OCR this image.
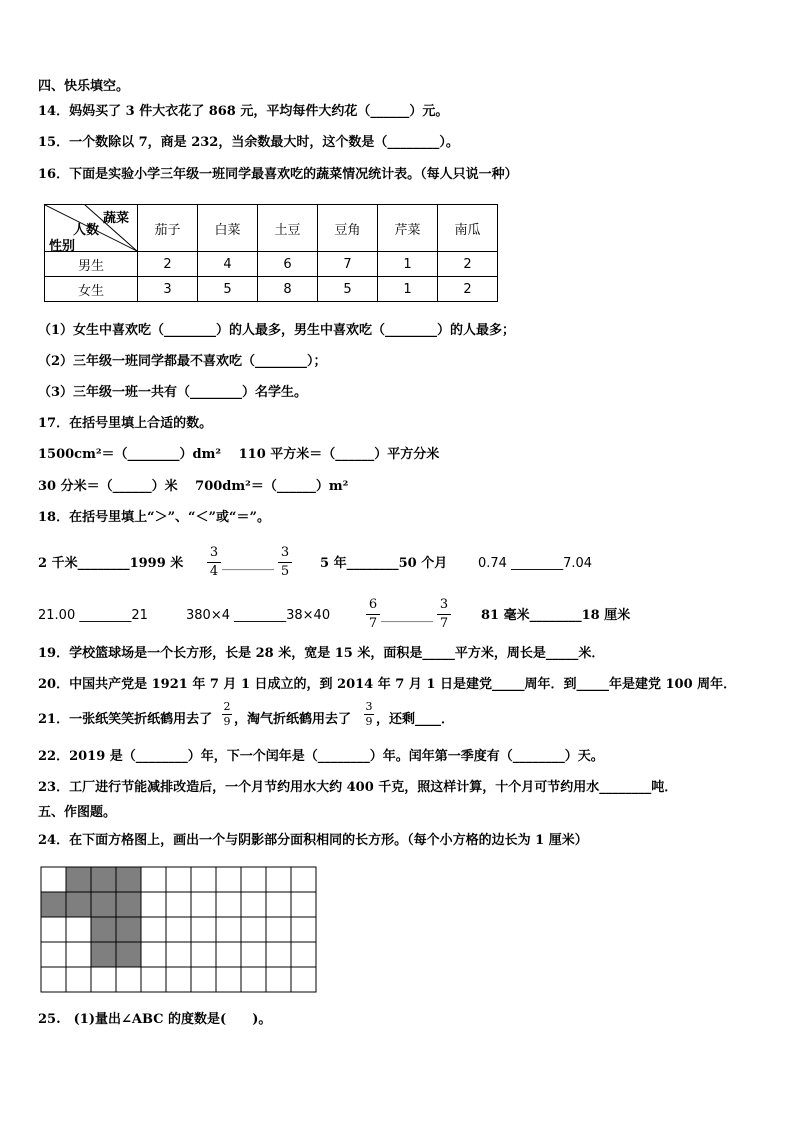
四、快乐填空。
14．妈妈买了 3 件大衣花了 868 元，平均每件大约花（______）元。
15．一个数除以 7，商是 232，当余数最大时，这个数是（________）。
16．下面是实验小学三年级一班同学最喜欢吃的蔬菜情况统计表。（每人只说一种）
蔬菜
人数
性别	茄子	白菜	土豆	豆角	芹菜	南瓜
男生	2	4	6	7	1	2
女生	3	5	8	5	1	2
（1）女生中喜欢吃（________）的人最多，男生中喜欢吃（________）的人最多；
（2）三年级一班同学都最不喜欢吃（________）；
（3）三年级一班一共有（________）名学生。
17．在括号里填上合适的数。
1500cm²＝（________）dm²　 110 平方米＝（______）平方分米
30 分米＝（______）米　 700dm²＝（______）m²
18．在括号里填上“＞”、“＜”或“＝”。
2 千米________1999 米
3
4
________
3
5
5 年________50 个月 0.74 ________7.04
21.00 ________21	380×4 ________38×40
6
7
________
3
7
81 毫米________18 厘米
19．学校篮球场是一个长方形，长是 28 米，宽是 15 米，面积是_____平方米，周长是_____米．
20．中国共产党是 1921 年 7 月 1 日成立的，到 2014 年 7 月 1 日是建党_____周年．到_____年是建党 100 周年．
21．一张纸笑笑折纸鹤用去了
2
9 ，淘气折纸鹤用去了
3
9 ，还剩____．
22．2019 是（________）年，下一个闰年是（________）年。闰年第一季度有（________）天。
23．工厂进行节能减排改造后，一个月节约用水大约 400 千克，照这样计算，十个月可节约用水________吨．
五、作图题。
24．在下面方格图上，画出一个与阴影部分面积相同的长方形。（每个小方格的边长为 1 厘米）
25.　(1)量出∠ABC 的度数是(　　)。
